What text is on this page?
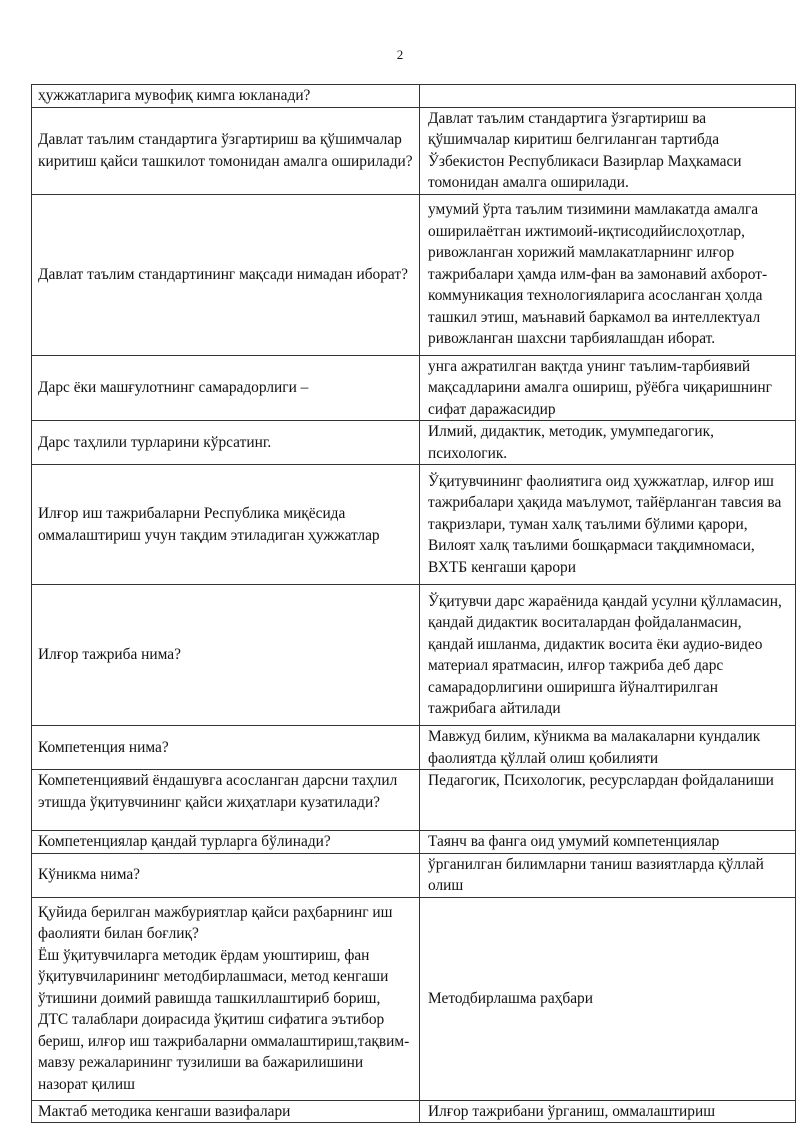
2
ҳужжатларига мувофиқ кимга юкланади?	
Давлат таълим стандартига ўзгартириш ва қўшимчалар киритиш қайси ташкилот томонидан амалга оширилади?	Давлат таълим стандартига ўзгартириш ва қўшимчалар киритиш белгиланган тартибда Ўзбекистон Республикаси Вазирлар Маҳкамаси томонидан амалга оширилади.
Давлат таълим стандартининг мақсади нимадан иборат?	умумий ўрта таълим тизимини мамлакатда амалга оширилаётган ижтимоий-иқтисодийислоҳотлар, ривожланган хорижий мамлакатларнинг илғор тажрибалари ҳамда илм-фан ва замонавий ахборот-коммуникация технологияларига асосланган ҳолда ташкил этиш, маънавий баркамол ва интеллектуал ривожланган шахсни тарбиялашдан иборат.
Дарс ёки машғулотнинг самарадорлиги –	унга ажратилган вақтда унинг таълим-тарбиявий мақсадларини амалга ошириш, рўёбга чиқаришнинг сифат даражасидир
Дарс таҳлили турларини кўрсатинг.	Илмий, дидактик, методик, умумпедагогик, психологик.
Илғор иш тажрибаларни Республика миқёсида оммалаштириш учун тақдим этиладиган ҳужжатлар	Ўқитувчининг фаолиятига оид ҳужжатлар, илғор иш тажрибалари ҳақида маълумот, тайёрланган тавсия ва тақризлари, туман халқ таълими бўлими қарори, Вилоят халқ таълими бошқармаси тақдимномаси, ВХТБ кенгаши қарори
Илғор тажриба нима?	Ўқитувчи дарс жараёнида қандай усулни қўлламасин, қандай дидактик воситалардан фойдаланмасин, қандай ишланма, дидактик восита ёки аудио-видео материал яратмасин, илғор тажриба деб дарс самарадорлигини оширишга йўналтирилган тажрибага айтилади
Компетенция нима?	Мавжуд билим, кўникма ва малакаларни кундалик фаолиятда қўллай олиш қобилияти
Компетенциявий ёндашувга асосланган дарсни таҳлил этишда ўқитувчининг қайси жиҳатлари кузатилади?	Педагогик, Психологик, ресурслардан фойдаланиши
Компетенциялар қандай турларга бўлинади?	Таянч ва фанга оид умумий компетенциялар
Кўникма нима?	ўрганилган билимларни таниш вазиятларда қўллай олиш
Қуйида берилган мажбуриятлар қайси раҳбарнинг иш фаолияти билан боғлиқ?
Ёш ўқитувчиларга методик ёрдам уюштириш, фан ўқитувчиларининг методбирлашмаси, метод кенгаши ўтишини доимий равишда ташкиллаштириб бориш, ДТС талаблари доирасида ўқитиш сифатига эътибор бериш, илғор иш тажрибаларни оммалаштириш,тақвим-мавзу режаларининг тузилиши ва бажарилишини назорат қилиш	Методбирлашма раҳбари
Мактаб методика кенгаши вазифалари	Илғор тажрибани ўрганиш, оммалаштириш
